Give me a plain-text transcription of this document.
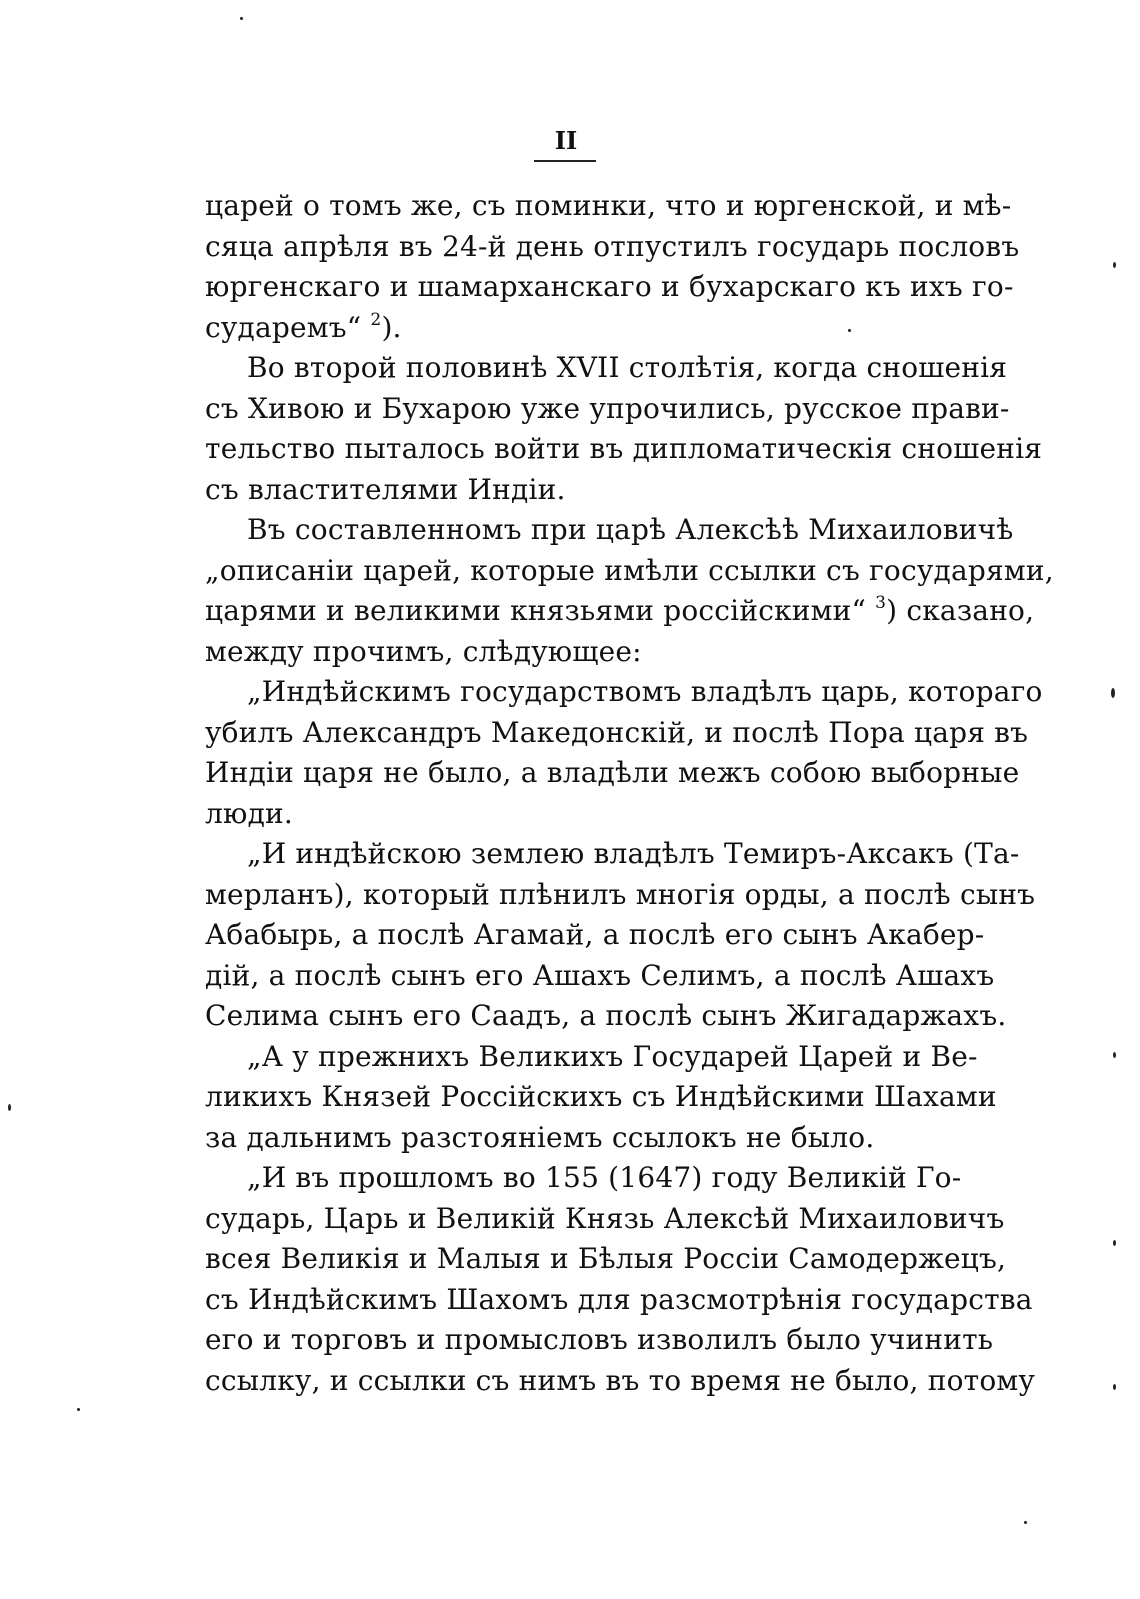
II
царей о томъ же, съ поминки, что и юргенской, и мѣ-
сяца апрѣля въ 24-й день отпустилъ государь пословъ
юргенскаго и шамарханскаго и бухарскаго къ ихъ го-
сударемъ“ $^2$).
Во второй половинѣ XVII столѣтія, когда сношенія
съ Хивою и Бухарою уже упрочились, русское прави-
тельство пыталось войти въ дипломатическія сношенія
съ властителями Индіи.
Въ составленномъ при царѣ Алексѣѣ Михаиловичѣ
„описаніи царей, которые имѣли ссылки съ государями,
царями и великими князьями россійскими“ $^3$) сказано,
между прочимъ, слѣдующее:
„Индѣйскимъ государствомъ владѣлъ царь, котораго
убилъ Александръ Македонскій, и послѣ Пора царя въ
Индіи царя не было, а владѣли межъ собою выборные
люди.
„И индѣйскою землею владѣлъ Темиръ-Аксакъ (Та-
мерланъ), который плѣнилъ многія орды, а послѣ сынъ
Абабырь, а послѣ Агамай, а послѣ его сынъ Акабер-
дій, а послѣ сынъ его Ашахъ Селимъ, а послѣ Ашахъ
Селима сынъ его Саадъ, а послѣ сынъ Жигадаржахъ.
„А у прежнихъ Великихъ Государей Царей и Ве-
ликихъ Князей Россійскихъ съ Индѣйскими Шахами
за дальнимъ разстояніемъ ссылокъ не было.
„И въ прошломъ во 155 (1647) году Великій Го-
сударь, Царь и Великій Князь Алексѣй Михаиловичъ
всея Великія и Малыя и Бѣлыя Россіи Самодержецъ,
съ Индѣйскимъ Шахомъ для разсмотрѣнія государства
его и торговъ и промысловъ изволилъ было учинить
ссылку, и ссылки съ нимъ въ то время не было, потому
